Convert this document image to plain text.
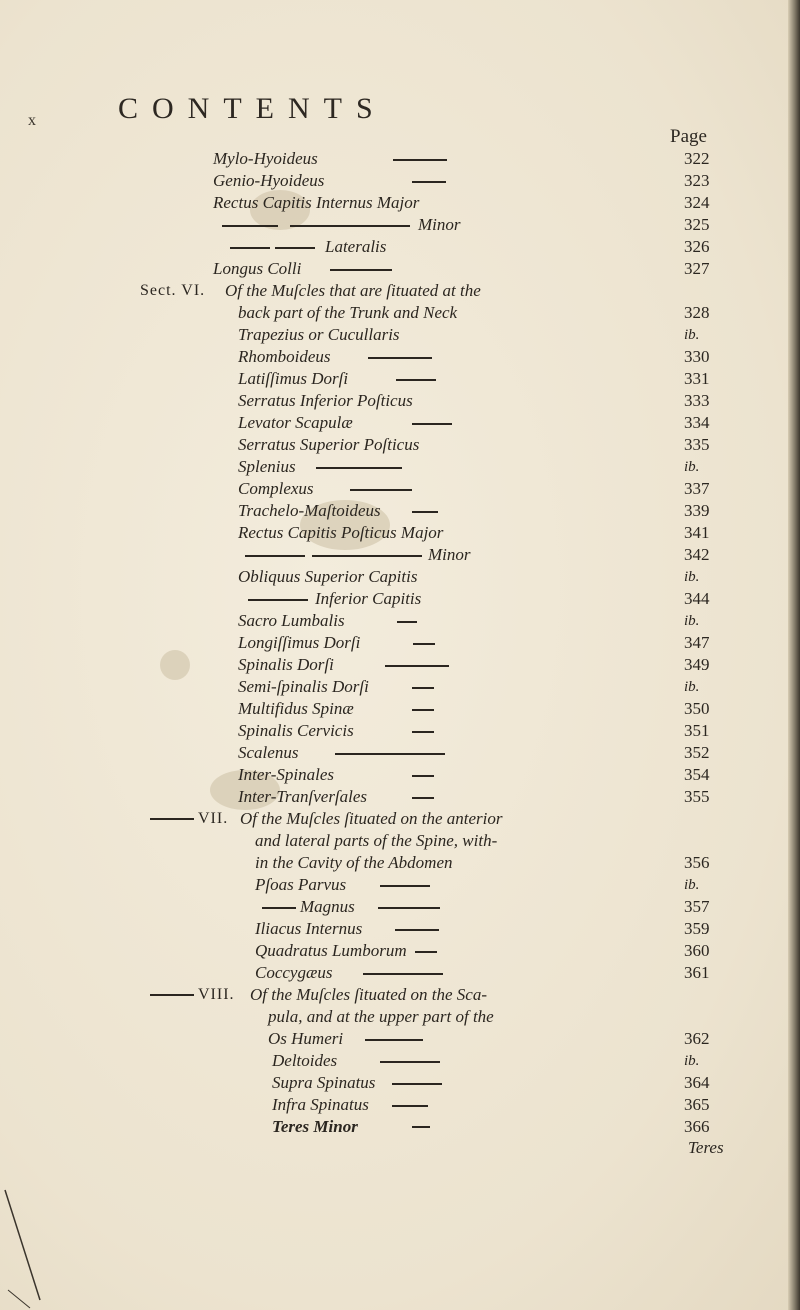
x	CONTENTS
Page
Mylo-Hyoideus	322
Genio-Hyoideus	323
Rectus Capitis Internus Major	324
Minor	325
Lateralis	326
Longus Colli	327
Sect. VI. Of the Muſcles that are ſituated at the
back part of the Trunk and Neck	328
Trapezius or Cucullaris	ib.
Rhomboideus	330
Latiſſimus Dorſi	331
Serratus Inferior Poſticus	333
Levator Scapulæ	334
Serratus Superior Poſticus	335
Splenius	ib.
Complexus	337
Trachelo-Maſtoideus	339
Rectus Capitis Poſticus Major	341
Minor	342
Obliquus Superior Capitis	ib.
Inferior Capitis	344
Sacro Lumbalis	ib.
Longiſſimus Dorſi	347
Spinalis Dorſi	349
Semi-ſpinalis Dorſi	ib.
Multifidus Spinæ	350
Spinalis Cervicis	351
Scalenus	352
Inter-Spinales	354
Inter-Tranſverſales	355
VII. Of the Muſcles ſituated on the anterior
and lateral parts of the Spine, with-
in the Cavity of the Abdomen	356
Pſoas Parvus	ib.
Magnus	357
Iliacus Internus	359
Quadratus Lumborum	360
Coccygæus	361
VIII. Of the Muſcles ſituated on the Sca-
pula, and at the upper part of the
Os Humeri	362
Deltoides	ib.
Supra Spinatus	364
Infra Spinatus	365
Teres Minor	366
Teres
